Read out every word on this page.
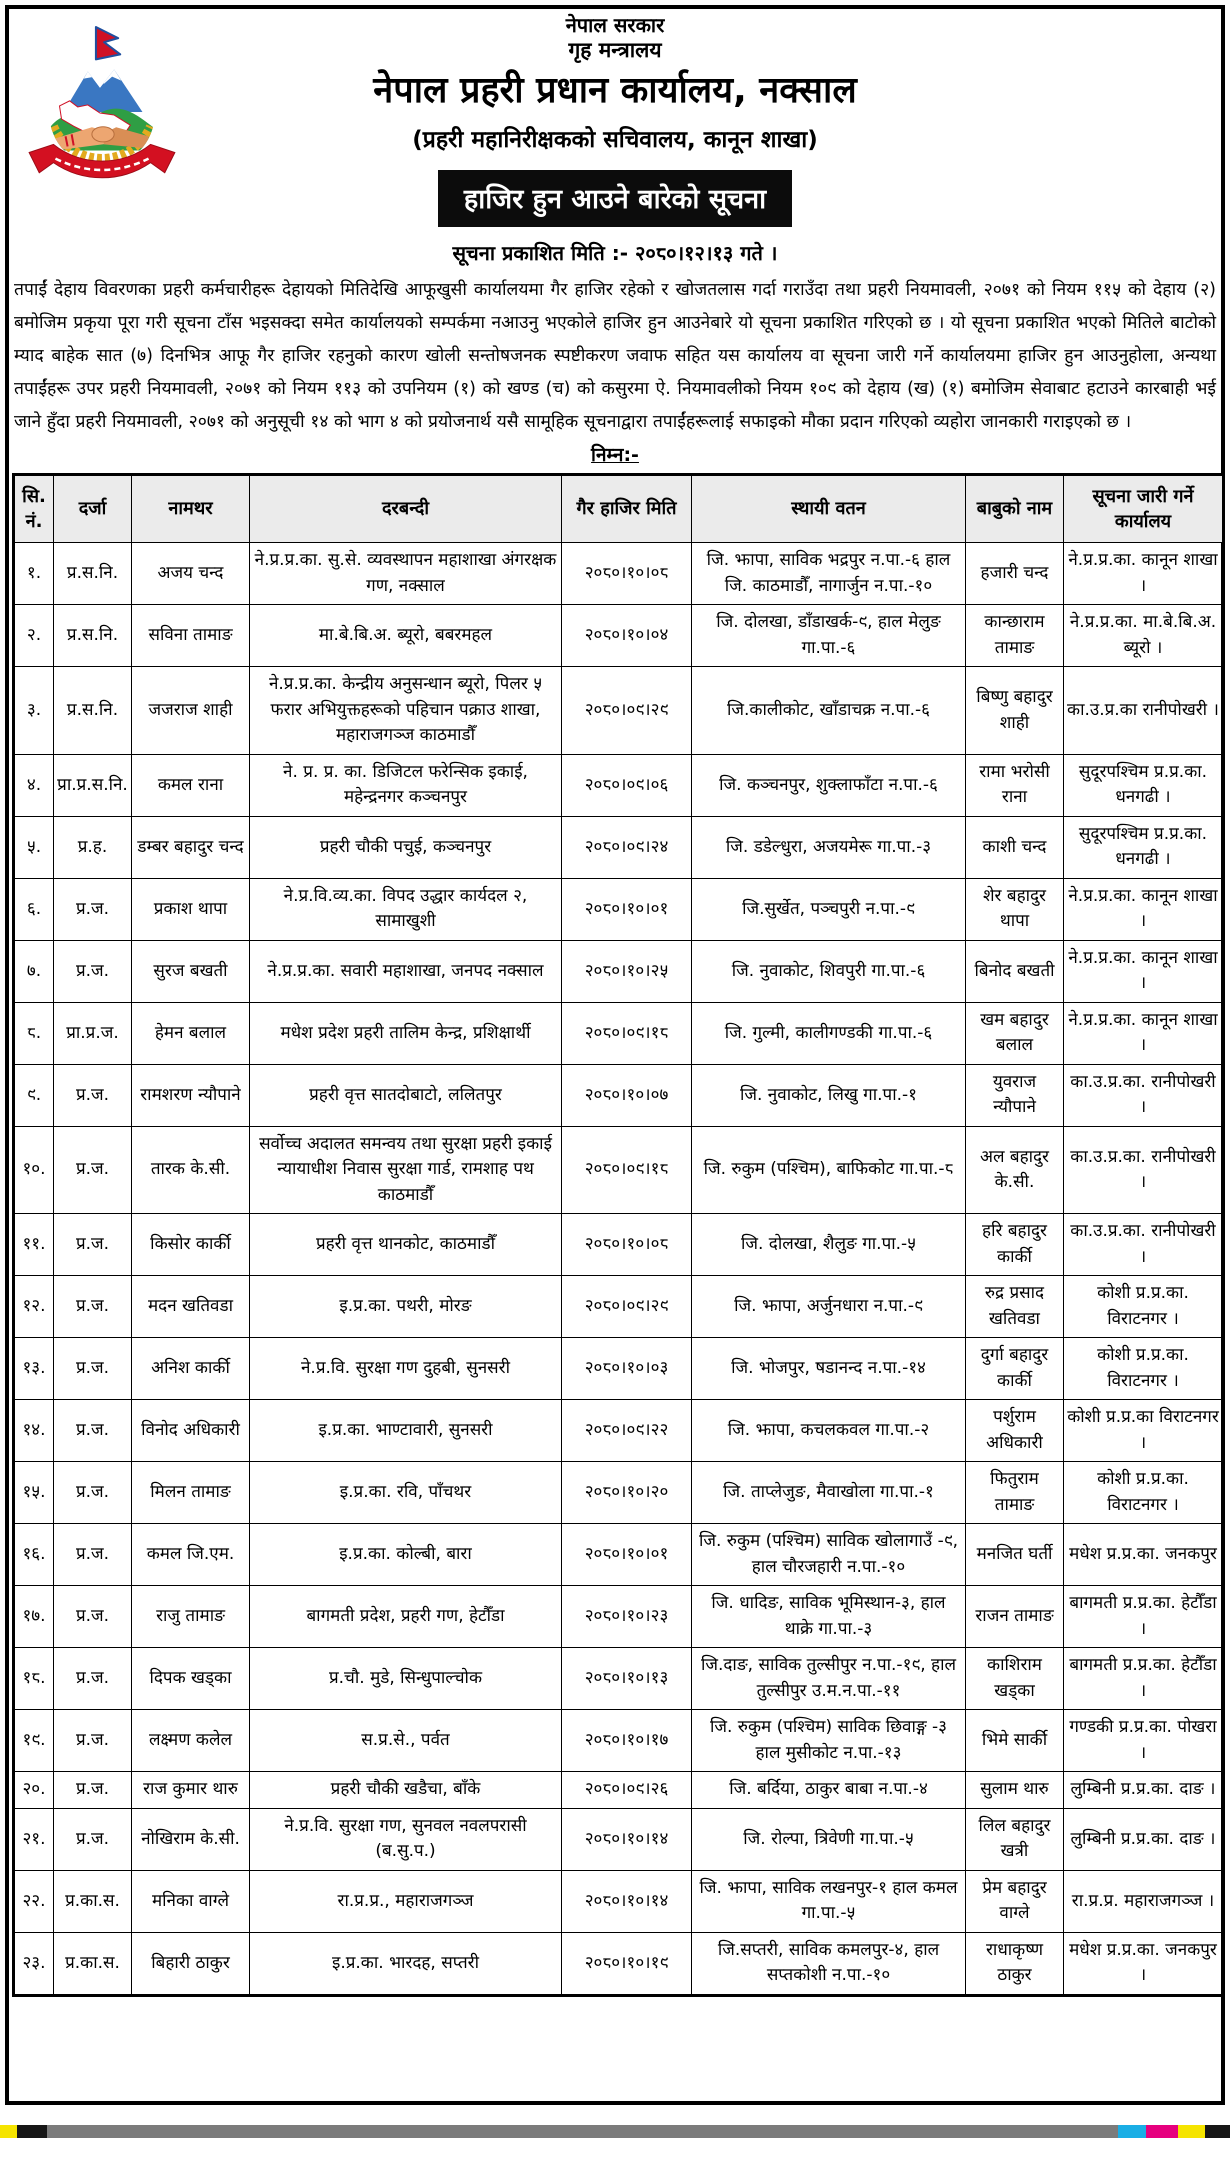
नेपाल सरकार
गृह मन्त्रालय
नेपाल प्रहरी प्रधान कार्यालय, नक्साल
(प्रहरी महानिरीक्षकको सचिवालय, कानून शाखा)
हाजिर हुन आउने बारेको सूचना
सूचना प्रकाशित मिति :- २०८०।१२।१३ गते ।

तपाईं देहाय विवरणका प्रहरी कर्मचारीहरू देहायको मितिदेखि आफूखुसी कार्यालयमा गैर हाजिर रहेको र खोजतलास गर्दा गराउँदा तथा प्रहरी नियमावली, २०७१ को नियम ११५ को देहाय (२) बमोजिम प्रकृया पूरा गरी सूचना टाँस भइसक्दा समेत कार्यालयको सम्पर्कमा नआउनु भएकोले हाजिर हुन आउनेबारे यो सूचना प्रकाशित गरिएको छ । यो सूचना प्रकाशित भएको मितिले बाटोको म्याद बाहेक सात (७) दिनभित्र आफू गैर हाजिर रहनुको कारण खोली सन्तोषजनक स्पष्टीकरण जवाफ सहित यस कार्यालय वा सूचना जारी गर्ने कार्यालयमा हाजिर हुन आउनुहोला, अन्यथा तपाईंहरू उपर प्रहरी नियमावली, २०७१ को नियम ११३ को उपनियम (१) को खण्ड (च) को कसुरमा ऐ. नियमावलीको नियम १०९ को देहाय (ख) (१) बमोजिम सेवाबाट हटाउने कारबाही भई जाने हुँदा प्रहरी नियमावली, २०७१ को अनुसूची १४ को भाग ४ को प्रयोजनार्थ यसै सामूहिक सूचनाद्वारा तपाईंहरूलाई सफाइको मौका प्रदान गरिएको व्यहोरा जानकारी गराइएको छ ।

निम्न:-
सि. नं.	दर्जा	नामथर	दरबन्दी	गैर हाजिर मिति	स्थायी वतन	बाबुको नाम	सूचना जारी गर्ने कार्यालय
१.	प्र.स.नि.	अजय चन्द	ने.प्र.प्र.का. सु.से. व्यवस्थापन महाशाखा अंगरक्षक गण, नक्साल	२०८०।१०।०८	जि. झापा, साविक भद्रपुर न.पा.-६ हाल जि. काठमाडौँ, नागार्जुन न.पा.-१०	हजारी चन्द	ने.प्र.प्र.का. कानून शाखा ।
२.	प्र.स.नि.	सविना तामाङ	मा.बे.बि.अ. ब्यूरो, बबरमहल	२०८०।१०।०४	जि. दोलखा, डाँडाखर्क-९, हाल मेलुङ गा.पा.-६	कान्छाराम तामाङ	ने.प्र.प्र.का. मा.बे.बि.अ. ब्यूरो ।
३.	प्र.स.नि.	जजराज शाही	ने.प्र.प्र.का. केन्द्रीय अनुसन्धान ब्यूरो, पिलर ५ फरार अभियुक्तहरूको पहिचान पक्राउ शाखा, महाराजगञ्ज काठमाडौँ	२०८०।०९।२९	जि.कालीकोट, खाँडाचक्र न.पा.-६	बिष्णु बहादुर शाही	का.उ.प्र.का रानीपोखरी ।
४.	प्रा.प्र.स.नि.	कमल राना	ने. प्र. प्र. का. डिजिटल फरेन्सिक इकाई, महेन्द्रनगर कञ्चनपुर	२०८०।०९।०६	जि. कञ्चनपुर, शुक्लाफाँटा न.पा.-६	रामा भरोसी राना	सुदूरपश्चिम प्र.प्र.का. धनगढी ।
५.	प्र.ह.	डम्बर बहादुर चन्द	प्रहरी चौकी पचुई, कञ्चनपुर	२०८०।०९।२४	जि. डडेल्धुरा, अजयमेरू गा.पा.-३	काशी चन्द	सुदूरपश्चिम प्र.प्र.का. धनगढी ।
६.	प्र.ज.	प्रकाश थापा	ने.प्र.वि.व्य.का. विपद उद्धार कार्यदल २, सामाखुशी	२०८०।१०।०१	जि.सुर्खेत, पञ्चपुरी न.पा.-९	शेर बहादुर थापा	ने.प्र.प्र.का. कानून शाखा ।
७.	प्र.ज.	सुरज बखती	ने.प्र.प्र.का. सवारी महाशाखा, जनपद नक्साल	२०८०।१०।२५	जि. नुवाकोट, शिवपुरी गा.पा.-६	बिनोद बखती	ने.प्र.प्र.का. कानून शाखा ।
८.	प्रा.प्र.ज.	हेमन बलाल	मधेश प्रदेश प्रहरी तालिम केन्द्र, प्रशिक्षार्थी	२०८०।०९।१८	जि. गुल्मी, कालीगण्डकी गा.पा.-६	खम बहादुर बलाल	ने.प्र.प्र.का. कानून शाखा ।
९.	प्र.ज.	रामशरण न्यौपाने	प्रहरी वृत्त सातदोबाटो, ललितपुर	२०८०।१०।०७	जि. नुवाकोट, लिखु गा.पा.-१	युवराज न्यौपाने	का.उ.प्र.का. रानीपोखरी ।
१०.	प्र.ज.	तारक के.सी.	सर्वोच्च अदालत समन्वय तथा सुरक्षा प्रहरी इकाई न्यायाधीश निवास सुरक्षा गार्ड, रामशाह पथ काठमाडौँ	२०८०।०९।१८	जि. रुकुम (पश्चिम), बाफिकोट गा.पा.-८	अल बहादुर के.सी.	का.उ.प्र.का. रानीपोखरी ।
११.	प्र.ज.	किसोर कार्की	प्रहरी वृत्त थानकोट, काठमाडौँ	२०८०।१०।०८	जि. दोलखा, शैलुङ गा.पा.-५	हरि बहादुर कार्की	का.उ.प्र.का. रानीपोखरी ।
१२.	प्र.ज.	मदन खतिवडा	इ.प्र.का. पथरी, मोरङ	२०८०।०९।२९	जि. झापा, अर्जुनधारा न.पा.-९	रुद्र प्रसाद खतिवडा	कोशी प्र.प्र.का. विराटनगर ।
१३.	प्र.ज.	अनिश कार्की	ने.प्र.वि. सुरक्षा गण दुहबी, सुनसरी	२०८०।१०।०३	जि. भोजपुर, षडानन्द न.पा.-१४	दुर्गा बहादुर कार्की	कोशी प्र.प्र.का. विराटनगर ।
१४.	प्र.ज.	विनोद अधिकारी	इ.प्र.का. भाण्टावारी, सुनसरी	२०८०।०९।२२	जि. झापा, कचलकवल गा.पा.-२	पर्शुराम अधिकारी	कोशी प्र.प्र.का विराटनगर ।
१५.	प्र.ज.	मिलन तामाङ	इ.प्र.का. रवि, पाँचथर	२०८०।१०।२०	जि. ताप्लेजुङ, मैवाखोला गा.पा.-१	फितुराम तामाङ	कोशी प्र.प्र.का. विराटनगर ।
१६.	प्र.ज.	कमल जि.एम.	इ.प्र.का. कोल्बी, बारा	२०८०।१०।०१	जि. रुकुम (पश्चिम) साविक खोलागाउँ -९, हाल चौरजहारी न.पा.-१०	मनजित घर्ती	मधेश प्र.प्र.का. जनकपुर
१७.	प्र.ज.	राजु तामाङ	बागमती प्रदेश, प्रहरी गण, हेटौँडा	२०८०।१०।२३	जि. धादिङ, साविक भूमिस्थान-३, हाल थाक्रे गा.पा.-३	राजन तामाङ	बागमती प्र.प्र.का. हेटौँडा ।
१८.	प्र.ज.	दिपक खड्का	प्र.चौ. मुडे, सिन्धुपाल्चोक	२०८०।१०।१३	जि.दाङ, साविक तुल्सीपुर न.पा.-१९, हाल तुल्सीपुर उ.म.न.पा.-११	काशिराम खड्का	बागमती प्र.प्र.का. हेटौँडा ।
१९.	प्र.ज.	लक्ष्मण कलेल	स.प्र.से., पर्वत	२०८०।१०।१७	जि. रुकुम (पश्चिम) साविक छिवाङ्ग -३ हाल मुसीकोट न.पा.-१३	भिमे सार्की	गण्डकी प्र.प्र.का. पोखरा ।
२०.	प्र.ज.	राज कुमार थारु	प्रहरी चौकी खडैचा, बाँके	२०८०।०९।२६	जि. बर्दिया, ठाकुर बाबा न.पा.-४	सुलाम थारु	लुम्बिनी प्र.प्र.का. दाङ ।
२१.	प्र.ज.	नोखिराम के.सी.	ने.प्र.वि. सुरक्षा गण, सुनवल नवलपरासी (ब.सु.प.)	२०८०।१०।१४	जि. रोल्पा, त्रिवेणी गा.पा.-५	लिल बहादुर खत्री	लुम्बिनी प्र.प्र.का. दाङ ।
२२.	प्र.का.स.	मनिका वाग्ले	रा.प्र.प्र., महाराजगञ्ज	२०८०।१०।१४	जि. झापा, साविक लखनपुर-१ हाल कमल गा.पा.-५	प्रेम बहादुर वाग्ले	रा.प्र.प्र. महाराजगञ्ज ।
२३.	प्र.का.स.	बिहारी ठाकुर	इ.प्र.का. भारदह, सप्तरी	२०८०।१०।१९	जि.सप्तरी, साविक कमलपुर-४, हाल सप्तकोशी न.पा.-१०	राधाकृष्ण ठाकुर	मधेश प्र.प्र.का. जनकपुर ।
